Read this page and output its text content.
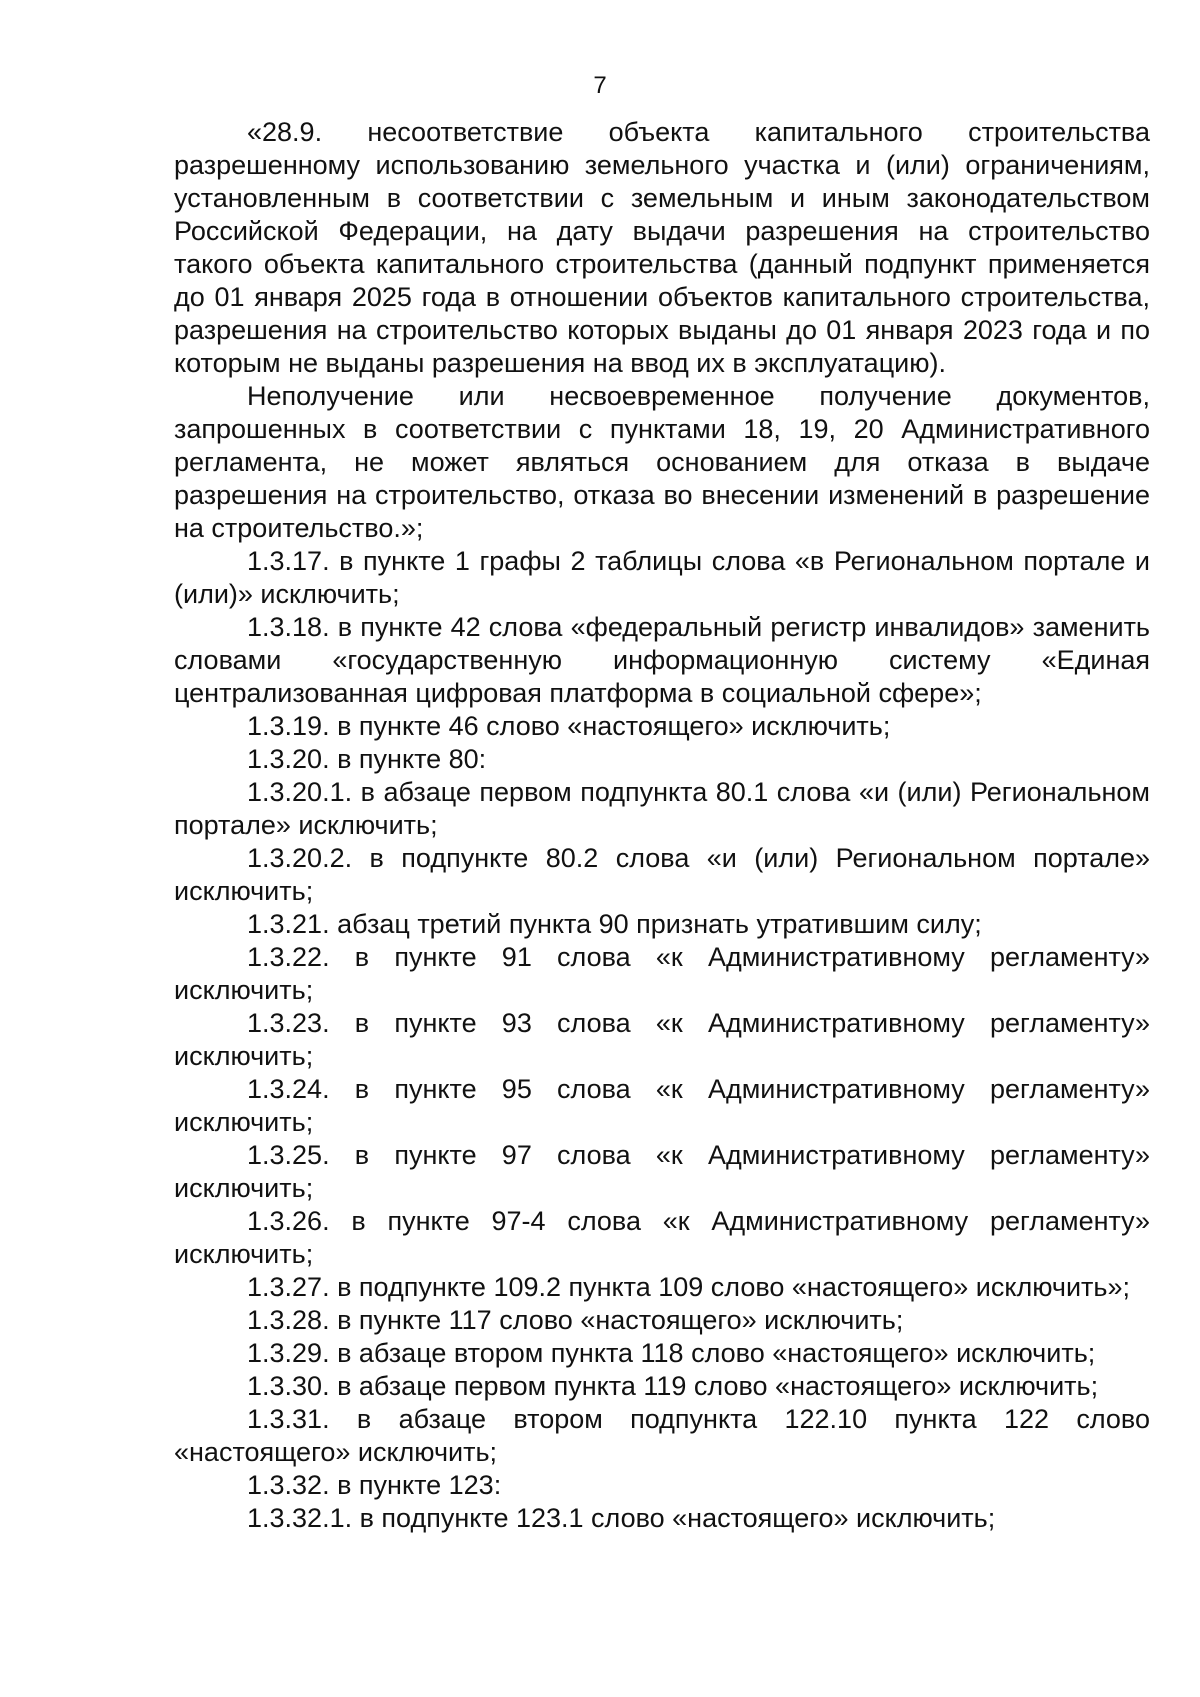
7

«28.9. несоответствие объекта капитального строительства разрешенному использованию земельного участка и (или) ограничениям, установленным в соответствии с земельным и иным законодательством Российской Федерации, на дату выдачи разрешения на строительство такого объекта капитального строительства (данный подпункт применяется до 01 января 2025 года в отношении объектов капитального строительства, разрешения на строительство которых выданы до 01 января 2023 года и по которым не выданы разрешения на ввод их в эксплуатацию).

Неполучение или несвоевременное получение документов, запрошенных в соответствии с пунктами 18, 19, 20 Административного регламента, не может являться основанием для отказа в выдаче разрешения на строительство, отказа во внесении изменений в разрешение на строительство.»;

1.3.17. в пункте 1 графы 2 таблицы слова «в Региональном портале и (или)» исключить;

1.3.18. в пункте 42 слова «федеральный регистр инвалидов» заменить словами «государственную информационную систему «Единая централизованная цифровая платформа в социальной сфере»;

1.3.19. в пункте 46 слово «настоящего» исключить;

1.3.20. в пункте 80:

1.3.20.1. в абзаце первом подпункта 80.1 слова «и (или) Региональном портале» исключить;

1.3.20.2. в подпункте 80.2 слова «и (или) Региональном портале» исключить;

1.3.21. абзац третий пункта 90 признать утратившим силу;

1.3.22. в пункте 91 слова «к Административному регламенту» исключить;

1.3.23. в пункте 93 слова «к Административному регламенту» исключить;

1.3.24. в пункте 95 слова «к Административному регламенту» исключить;

1.3.25. в пункте 97 слова «к Административному регламенту» исключить;

1.3.26. в пункте 97-4 слова «к Административному регламенту» исключить;

1.3.27. в подпункте 109.2 пункта 109 слово «настоящего» исключить»;

1.3.28. в пункте 117 слово «настоящего» исключить;

1.3.29. в абзаце втором пункта 118 слово «настоящего» исключить;

1.3.30. в абзаце первом пункта 119 слово «настоящего» исключить;

1.3.31. в абзаце втором подпункта 122.10 пункта 122 слово «настоящего» исключить;

1.3.32. в пункте 123:

1.3.32.1. в подпункте 123.1 слово «настоящего» исключить;
